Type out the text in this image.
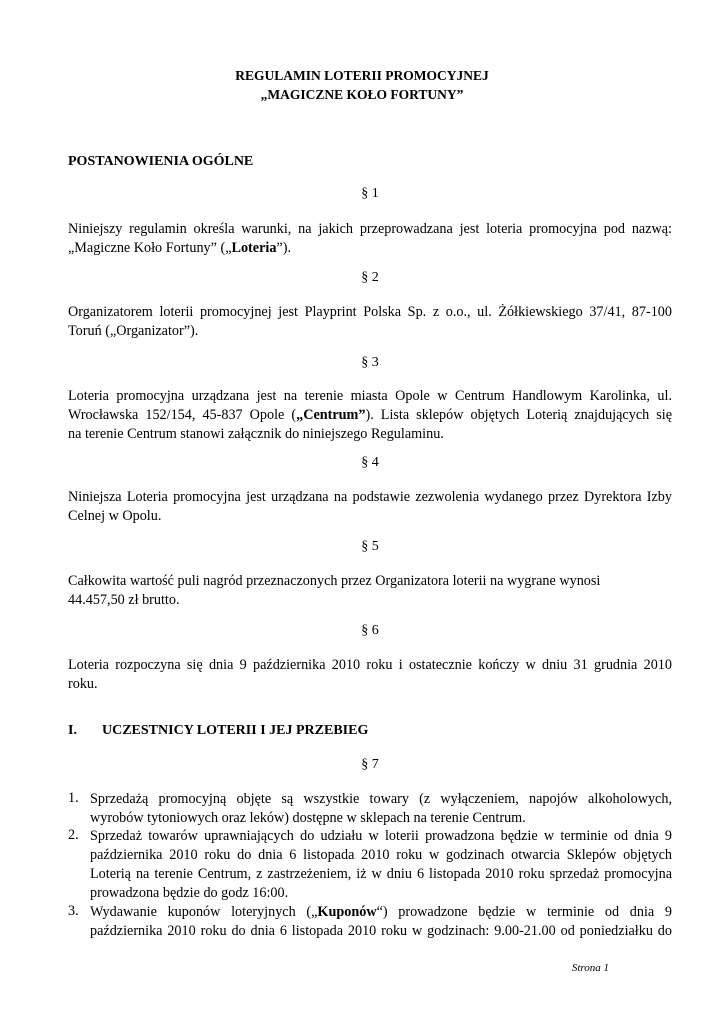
REGULAMIN LOTERII PROMOCYJNEJ
„MAGICZNE KOŁO FORTUNY”
POSTANOWIENIA OGÓLNE
§ 1
Niniejszy regulamin określa warunki, na jakich przeprowadzana jest loteria promocyjna pod nazwą:
„Magiczne Koło Fortuny” („Loteria”).
§ 2
Organizatorem loterii promocyjnej jest Playprint Polska Sp. z o.o., ul. Żółkiewskiego 37/41, 87-100
Toruń („Organizator”).
§ 3
Loteria promocyjna urządzana jest na terenie miasta Opole w Centrum Handlowym Karolinka, ul.
Wrocławska 152/154, 45-837 Opole („Centrum”). Lista sklepów objętych Loterią znajdujących się
na terenie Centrum stanowi załącznik do niniejszego Regulaminu.
§ 4
Niniejsza Loteria promocyjna jest urządzana na podstawie zezwolenia wydanego przez Dyrektora Izby
Celnej w Opolu.
§ 5
Całkowita wartość puli nagród przeznaczonych przez Organizatora loterii na wygrane wynosi
44.457,50 zł brutto.
§ 6
Loteria rozpoczyna się dnia 9 października 2010 roku i ostatecznie kończy w dniu 31 grudnia 2010
roku.
I. UCZESTNICY LOTERII I JEJ PRZEBIEG
§ 7
1. Sprzedażą promocyjną objęte są wszystkie towary (z wyłączeniem, napojów alkoholowych,
wyrobów tytoniowych oraz leków) dostępne w sklepach na terenie Centrum.
2. Sprzedaż towarów uprawniających do udziału w loterii prowadzona będzie w terminie od dnia 9
października 2010 roku do dnia 6 listopada 2010 roku w godzinach otwarcia Sklepów objętych
Loterią na terenie Centrum, z zastrzeżeniem, iż w dniu 6 listopada 2010 roku sprzedaż promocyjna
prowadzona będzie do godz 16:00.
3. Wydawanie kuponów loteryjnych („Kuponów“) prowadzone będzie w terminie od dnia 9
października 2010 roku do dnia 6 listopada 2010 roku w godzinach: 9.00-21.00 od poniedziałku do
Strona 1
